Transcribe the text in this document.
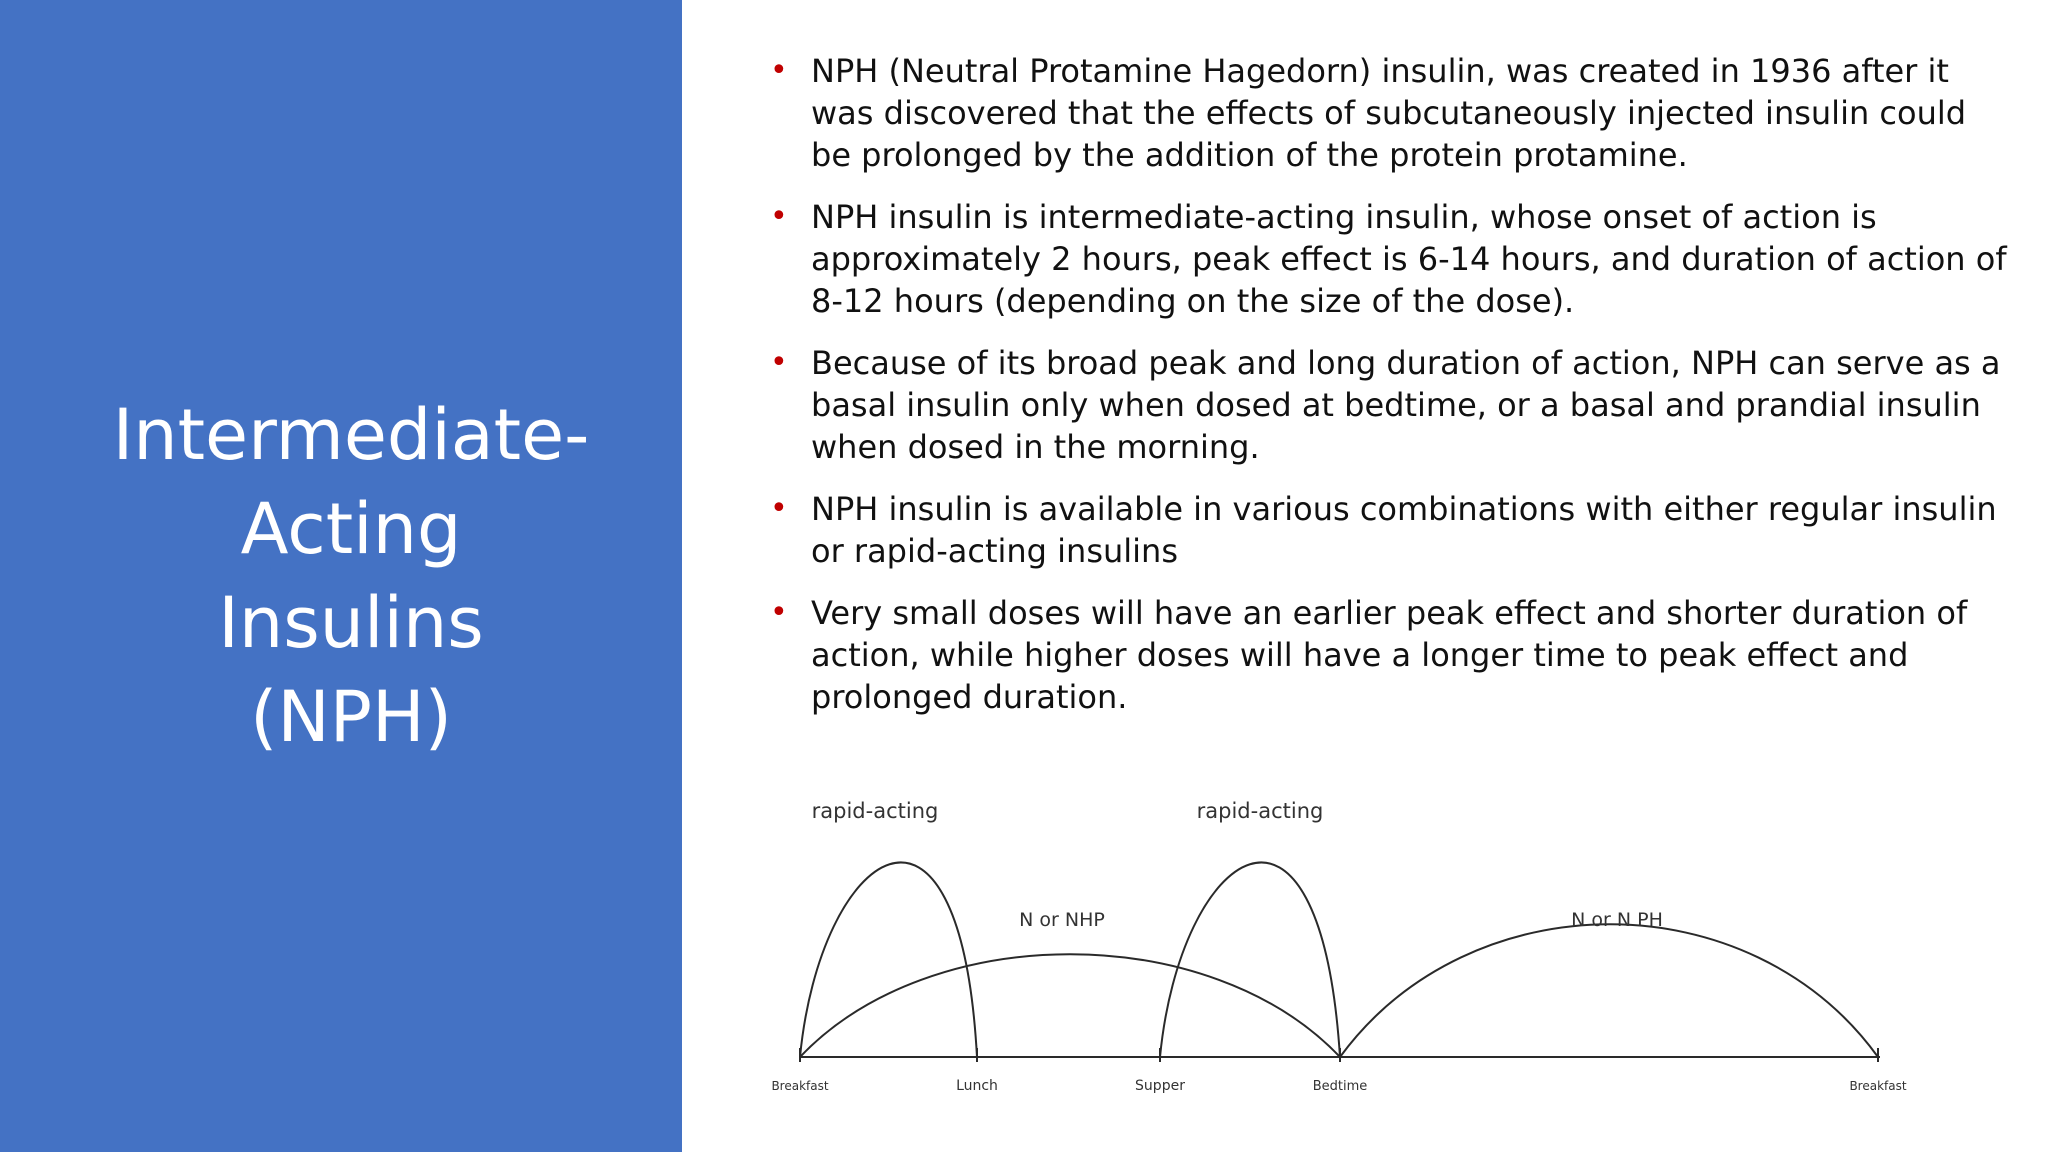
Intermediate-
Acting
Insulins
(NPH)
• NPH (Neutral Protamine Hagedorn) insulin, was created in 1936 after it was discovered that the effects of subcutaneously injected insulin could be prolonged by the addition of the protein protamine.
• NPH insulin is intermediate-acting insulin, whose onset of action is approximately 2 hours, peak effect is 6-14 hours, and duration of action of 8-12 hours (depending on the size of the dose).
• Because of its broad peak and long duration of action, NPH can serve as a basal insulin only when dosed at bedtime, or a basal and prandial insulin when dosed in the morning.
• NPH insulin is available in various combinations with either regular insulin or rapid-acting insulins
• Very small doses will have an earlier peak effect and shorter duration of action, while higher doses will have a longer time to peak effect and prolonged duration.
rapid-acting	rapid-acting
N or NHP	N or N PH
Breakfast	Lunch	Supper	Bedtime	Breakfast
